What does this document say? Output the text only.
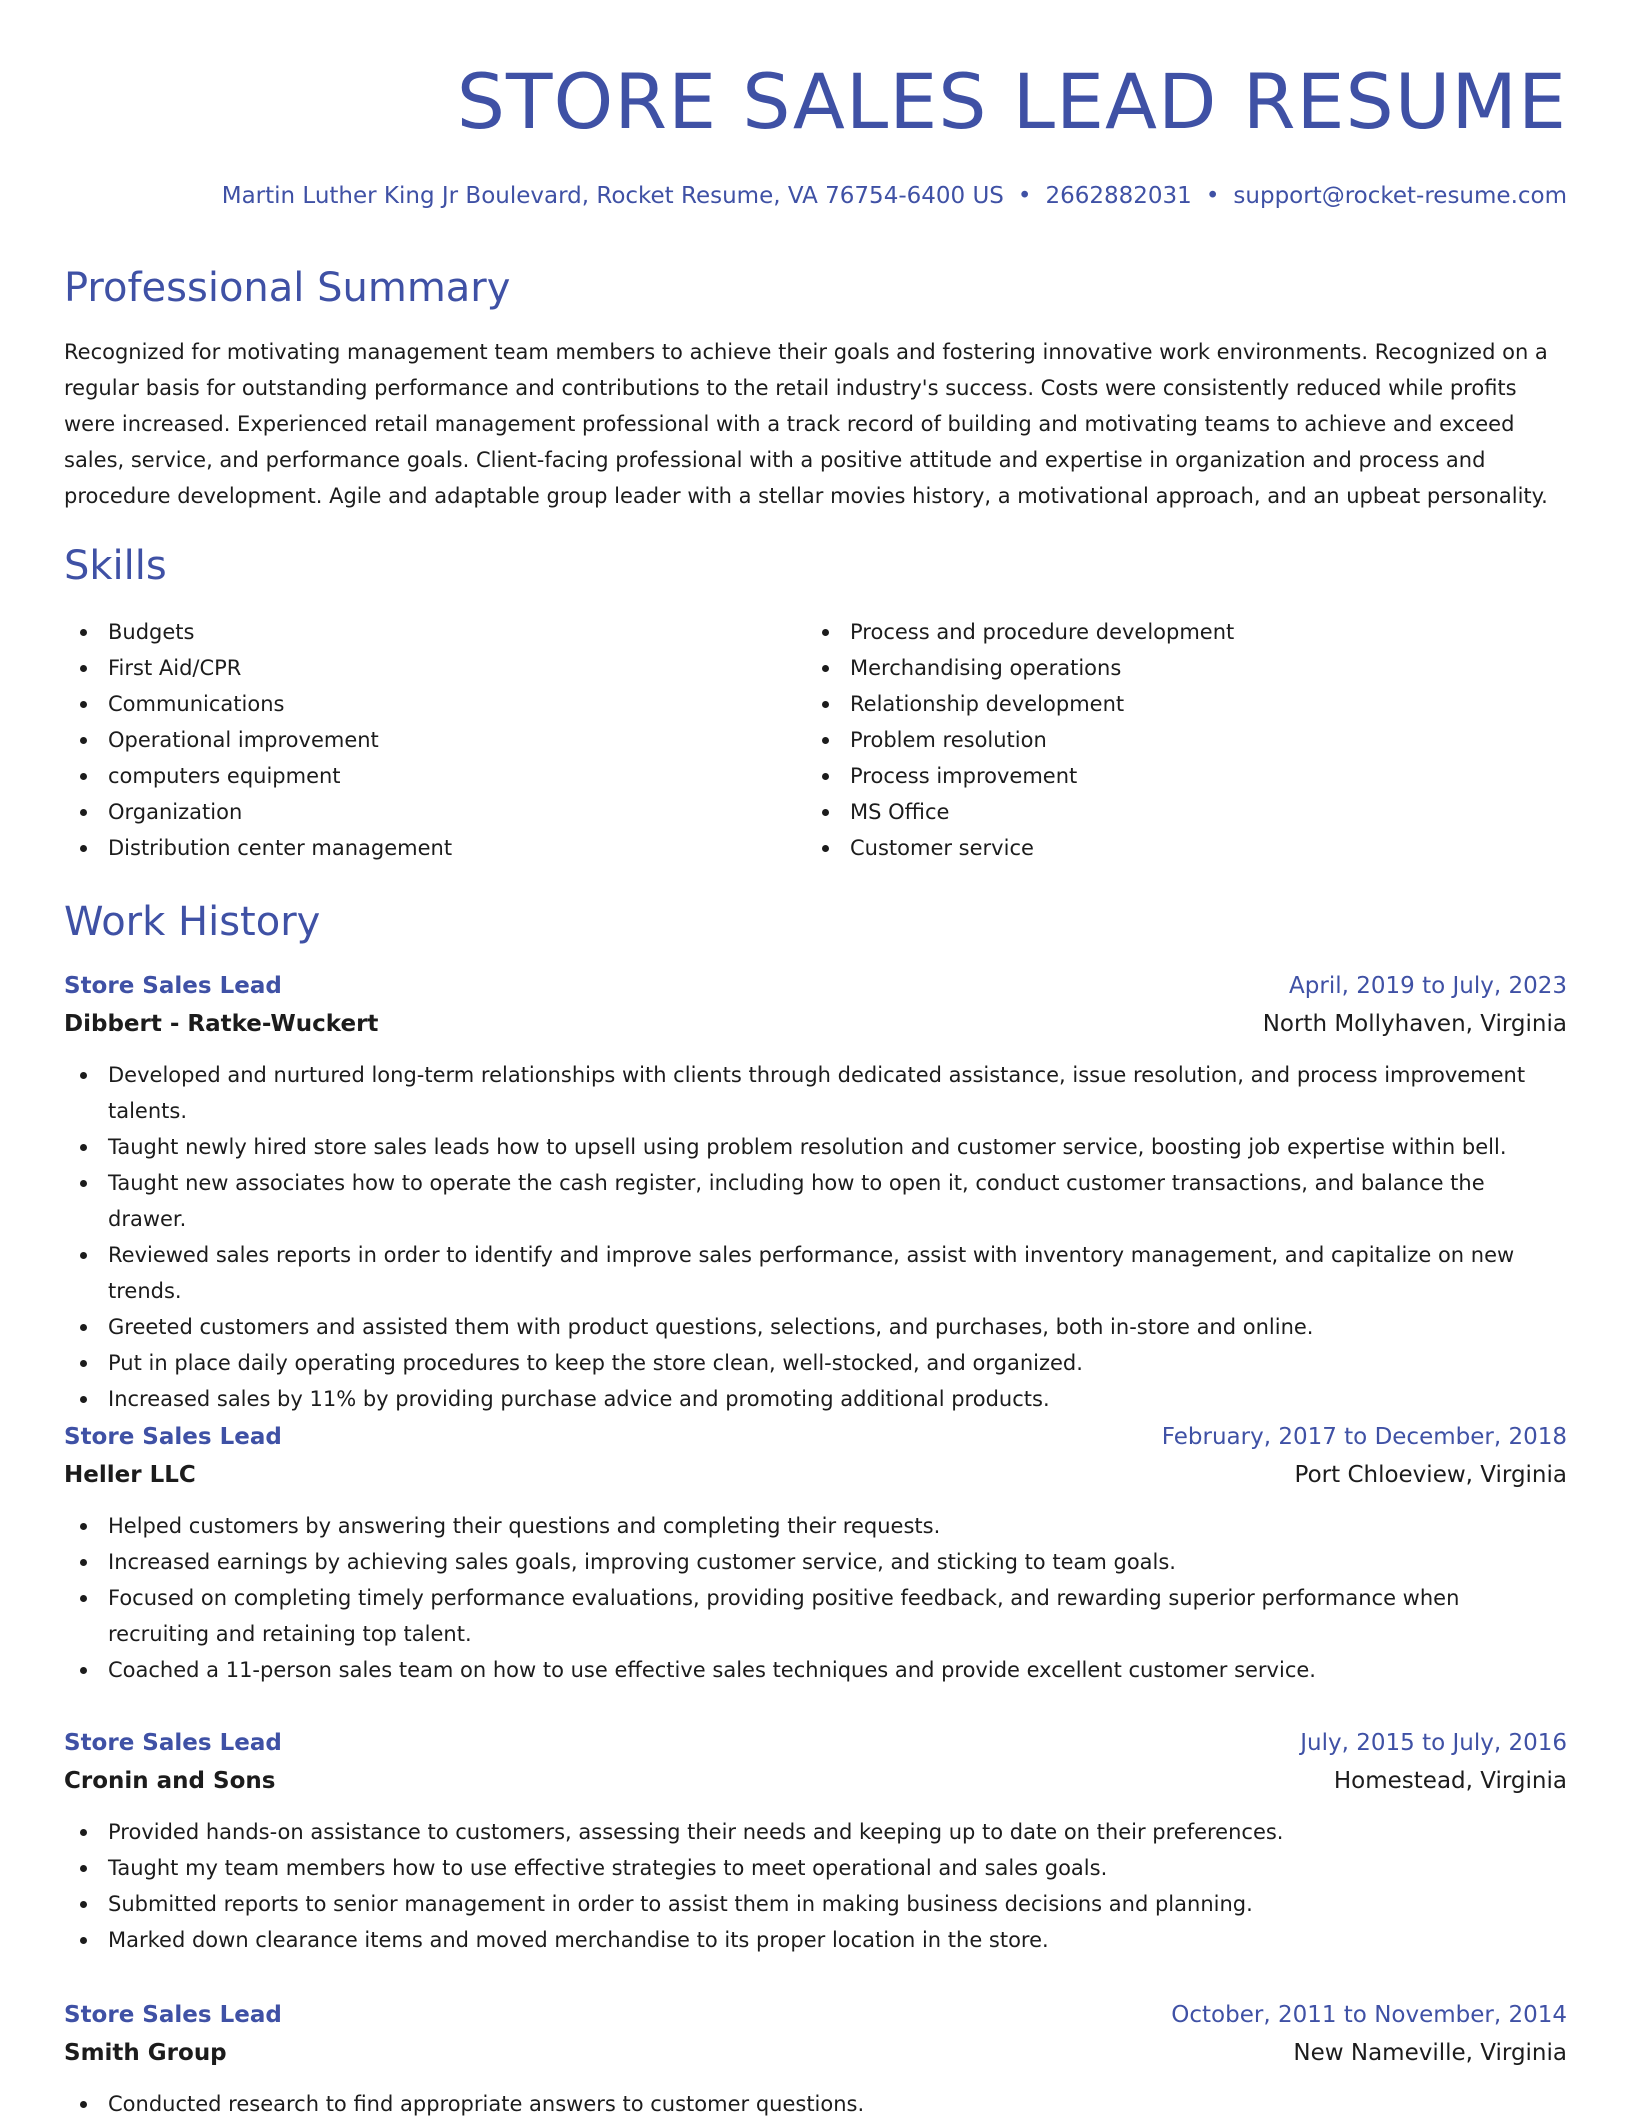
STORE SALES LEAD RESUME
Martin Luther King Jr Boulevard, Rocket Resume, VA 76754-6400 US • 2662882031 • support@rocket-resume.com
Professional Summary

Recognized for motivating management team members to achieve their goals and fostering innovative work environments. Recognized on a regular basis for outstanding performance and contributions to the retail industry's success. Costs were consistently reduced while profits were increased. Experienced retail management professional with a track record of building and motivating teams to achieve and exceed sales, service, and performance goals. Client-facing professional with a positive attitude and expertise in organization and process and procedure development. Agile and adaptable group leader with a stellar movies history, a motivational approach, and an upbeat personality.

Skills
Budgets
First Aid/CPR
Communications
Operational improvement
computers equipment
Organization
Distribution center management
Process and procedure development
Merchandising operations
Relationship development
Problem resolution
Process improvement
MS Office
Customer service
Work History
Store Sales Lead	April, 2019 to July, 2023
Dibbert - Ratke-Wuckert	North Mollyhaven, Virginia
Developed and nurtured long-term relationships with clients through dedicated assistance, issue resolution, and process improvement talents.
Taught newly hired store sales leads how to upsell using problem resolution and customer service, boosting job expertise within bell.
Taught new associates how to operate the cash register, including how to open it, conduct customer transactions, and balance the drawer.
Reviewed sales reports in order to identify and improve sales performance, assist with inventory management, and capitalize on new trends.
Greeted customers and assisted them with product questions, selections, and purchases, both in-store and online.
Put in place daily operating procedures to keep the store clean, well-stocked, and organized.
Increased sales by 11% by providing purchase advice and promoting additional products.
Store Sales Lead	February, 2017 to December, 2018
Heller LLC	Port Chloeview, Virginia
Helped customers by answering their questions and completing their requests.
Increased earnings by achieving sales goals, improving customer service, and sticking to team goals.
Focused on completing timely performance evaluations, providing positive feedback, and rewarding superior performance when recruiting and retaining top talent.
Coached a 11-person sales team on how to use effective sales techniques and provide excellent customer service.
Store Sales Lead	July, 2015 to July, 2016
Cronin and Sons	Homestead, Virginia
Provided hands-on assistance to customers, assessing their needs and keeping up to date on their preferences.
Taught my team members how to use effective strategies to meet operational and sales goals.
Submitted reports to senior management in order to assist them in making business decisions and planning.
Marked down clearance items and moved merchandise to its proper location in the store.
Store Sales Lead	October, 2011 to November, 2014
Smith Group	New Nameville, Virginia
Conducted research to find appropriate answers to customer questions.
